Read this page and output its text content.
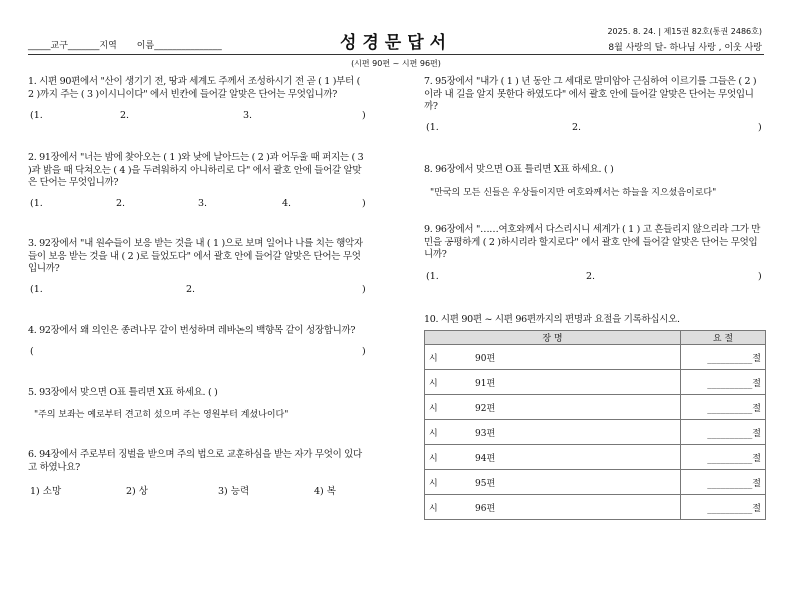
_____교구_______지역       이름_______________	성경문답서
2025. 8. 24. | 제15권 82호(통권 2486호)
8월 사랑의 달- 하나님 사랑 , 이웃 사랑
(시편 90편 ~ 시편 96편)
1. 시편 90편에서 "산이 생기기 전, 땅과 세계도 주께서 조성하시기 전 곧 ( 1 )부터 ( 2 )까지 주는 ( 3 )이시니이다" 에서 빈칸에 들어갈 알맞은 단어는 무엇입니까?
(1.	2.	3.	)
2. 91장에서 "너는 밤에 찾아오는 ( 1 )와 낮에 날아드는 ( 2 )과 어두울 때 퍼지는 ( 3 )과 밝을 때 닥쳐오는 ( 4 )을 두려워하지 아니하리로 다" 에서 괄호 안에 들어갈 알맞은 단어는 무엇입니까?
(1.	2.	3.	4.	)
3. 92장에서 "내 원수들이 보응 받는 것을 내 ( 1 )으로 보며 일어나 나를 치는 행악자들이 보응 받는 것을 내 ( 2 )로 들었도다" 에서 괄호 안에 들어갈 알맞은 단어는 무엇입니까?
(1.	2.	)
4. 92장에서 왜 의인은 종려나무 같이 번성하며 레바논의 백향목 같이 성장합니까?
(	)
5. 93장에서 맞으면 O표 틀리면 X표 하세요. ( )
"주의 보좌는 예로부터 견고히 섰으며 주는 영원부터 계셨나이다"
6. 94장에서 주로부터 징벌을 받으며 주의 법으로 교훈하심을 받는 자가 무엇이 있다고 하였나요?
1) 소망	2) 상	3) 능력	4) 복
7. 95장에서 "내가 ( 1 ) 년 동안 그 세대로 말미암아 근심하여 이르기를 그들은 ( 2 )이라 내 길을 알지 못한다 하였도다" 에서 괄호 안에 들어갈 알맞은 단어는 무엇입니까?
(1.	2.	)
8. 96장에서 맞으면 O표 틀리면 X표 하세요. ( )
"만국의 모든 신들은 우상들이지만 여호와께서는 하늘을 지으셨음이로다"
9. 96장에서 "……여호와께서 다스리시니 세계가 ( 1 ) 고 흔들리지 않으리라 그가 만민을 공평하게 ( 2 )하시리라 할지로다" 에서 괄호 안에 들어갈 알맞은 단어는 무엇입니까?
(1.	2.	)
10. 시편 90편 ~ 시편 96편까지의 편명과 요절을 기록하십시오.
장 명		요 절
시	90편	__________절
시	91편	__________절
시	92편	__________절
시	93편	__________절
시	94편	__________절
시	95편	__________절
시	96편	__________절
